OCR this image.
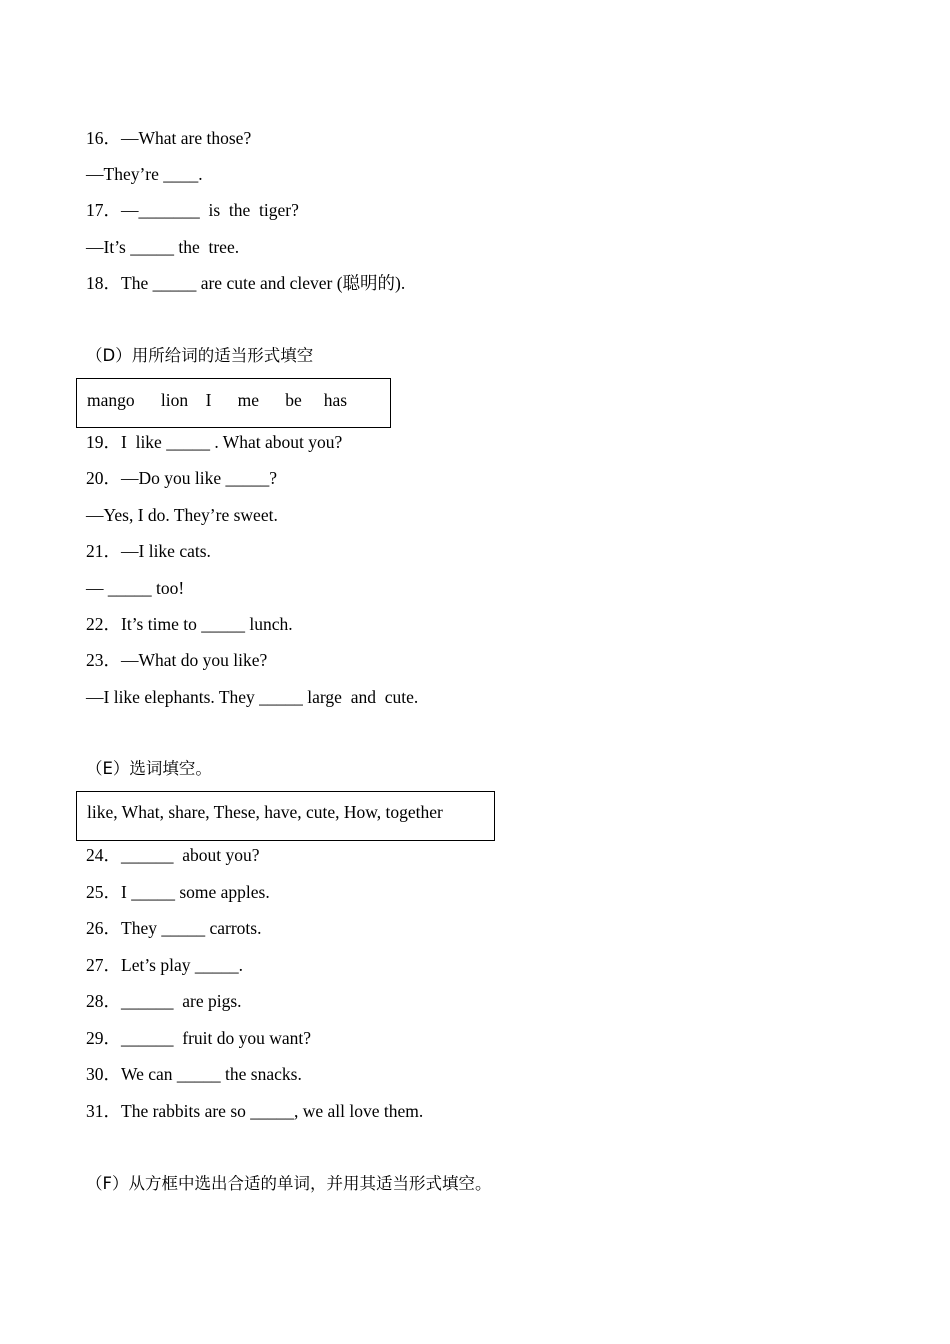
16．—What are those?
—They’re ____.
17．—_______  is  the  tiger?
—It’s _____ the  tree.
18．The _____ are cute and clever (聪明的).
（D）用所给词的适当形式填空
mango      lion    I      me      be     has
19．I  like _____ . What about you?
20．—Do you like _____?
—Yes, I do. They’re sweet.
21．—I like cats.
— _____ too!
22．It’s time to _____ lunch.
23．—What do you like?
—I like elephants. They _____ large  and  cute.
（E）选词填空。
like, What, share, These, have, cute, How, together
24．______  about you?
25．I _____ some apples.
26．They _____ carrots.
27．Let’s play _____.
28．______  are pigs.
29．______  fruit do you want?
30．We can _____ the snacks.
31．The rabbits are so _____, we all love them.
（F）从方框中选出合适的单词，并用其适当形式填空。
